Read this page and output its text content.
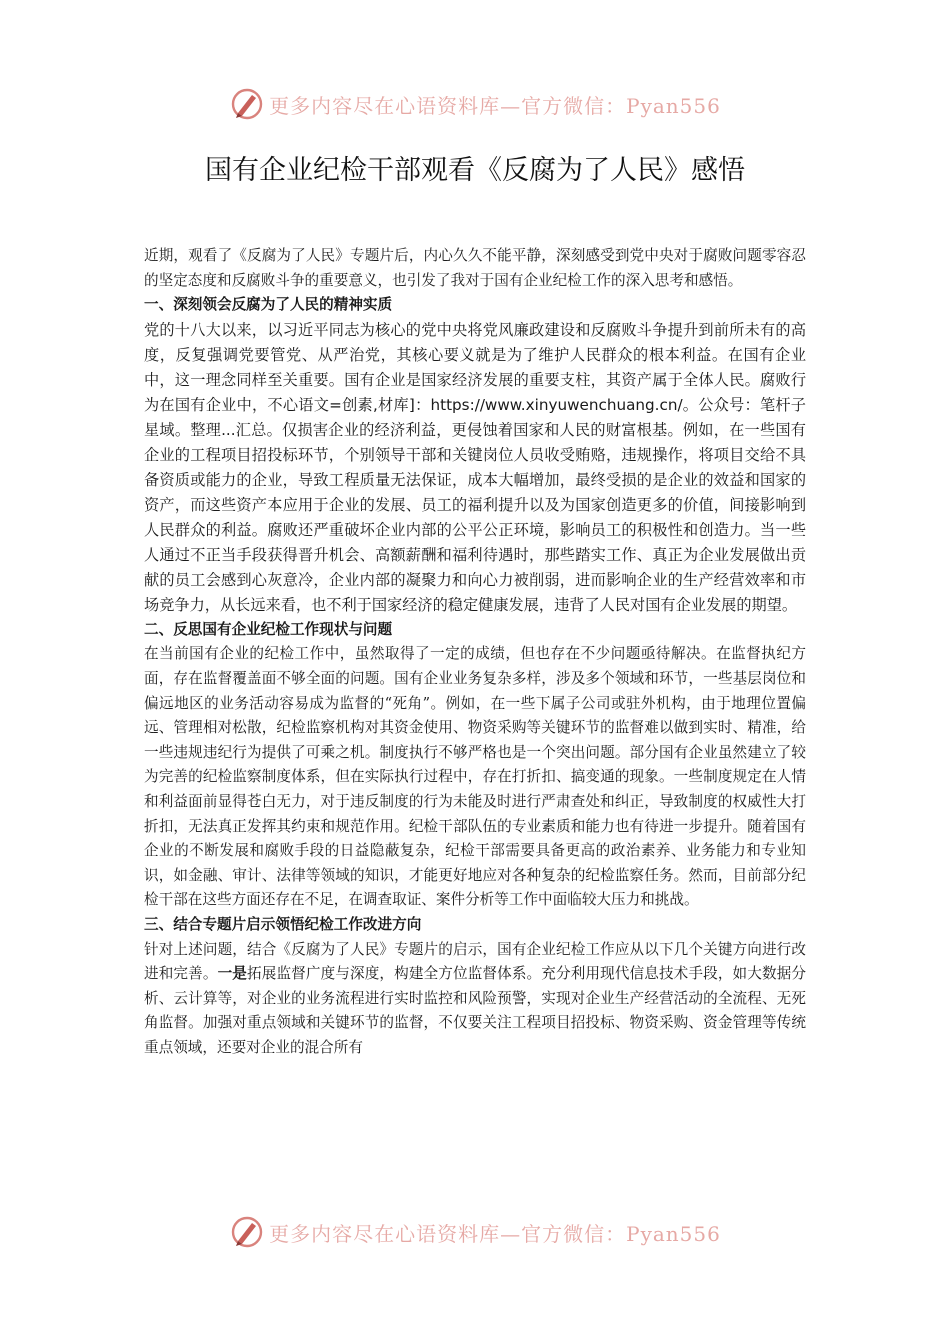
更多内容尽在心语资料库—官方微信：Pyan556
国有企业纪检干部观看《反腐为了人民》感悟

近期，观看了《反腐为了人民》专题片后，内心久久不能平静，深刻感受到党中央对于腐败问题零容忍的坚定态度和反腐败斗争的重要意义，也引发了我对于国有企业纪检工作的深入思考和感悟。

一、深刻领会反腐为了人民的精神实质

党的十八大以来，以习近平同志为核心的党中央将党风廉政建设和反腐败斗争提升到前所未有的高度，反复强调党要管党、从严治党，其核心要义就是为了维护人民群众的根本利益。在国有企业中，这一理念同样至关重要。国有企业是国家经济发展的重要支柱，其资产属于全体人民。腐败行为在国有企业中，不心语文=创素,材库]：https://www.xinyuwenchuang.cn/。公众号：笔杆子星域。整理...汇总。仅损害企业的经济利益，更侵蚀着国家和人民的财富根基。例如，在一些国有企业的工程项目招投标环节，个别领导干部和关键岗位人员收受贿赂，违规操作，将项目交给不具备资质或能力的企业，导致工程质量无法保证，成本大幅增加，最终受损的是企业的效益和国家的资产，而这些资产本应用于企业的发展、员工的福利提升以及为国家创造更多的价值，间接影响到人民群众的利益。腐败还严重破坏企业内部的公平公正环境，影响员工的积极性和创造力。当一些人通过不正当手段获得晋升机会、高额薪酬和福利待遇时，那些踏实工作、真正为企业发展做出贡献的员工会感到心灰意冷，企业内部的凝聚力和向心力被削弱，进而影响企业的生产经营效率和市场竞争力，从长远来看，也不利于国家经济的稳定健康发展，违背了人民对国有企业发展的期望。

二、反思国有企业纪检工作现状与问题

在当前国有企业的纪检工作中，虽然取得了一定的成绩，但也存在不少问题亟待解决。在监督执纪方面，存在监督覆盖面不够全面的问题。国有企业业务复杂多样，涉及多个领域和环节，一些基层岗位和偏远地区的业务活动容易成为监督的“死角”。例如，在一些下属子公司或驻外机构，由于地理位置偏远、管理相对松散，纪检监察机构对其资金使用、物资采购等关键环节的监督难以做到实时、精准，给一些违规违纪行为提供了可乘之机。制度执行不够严格也是一个突出问题。部分国有企业虽然建立了较为完善的纪检监察制度体系，但在实际执行过程中，存在打折扣、搞变通的现象。一些制度规定在人情和利益面前显得苍白无力，对于违反制度的行为未能及时进行严肃查处和纠正，导致制度的权威性大打折扣，无法真正发挥其约束和规范作用。纪检干部队伍的专业素质和能力也有待进一步提升。随着国有企业的不断发展和腐败手段的日益隐蔽复杂，纪检干部需要具备更高的政治素养、业务能力和专业知识，如金融、审计、法律等领域的知识，才能更好地应对各种复杂的纪检监察任务。然而，目前部分纪检干部在这些方面还存在不足，在调查取证、案件分析等工作中面临较大压力和挑战。

三、结合专题片启示领悟纪检工作改进方向

针对上述问题，结合《反腐为了人民》专题片的启示，国有企业纪检工作应从以下几个关键方向进行改进和完善。一是拓展监督广度与深度，构建全方位监督体系。充分利用现代信息技术手段，如大数据分析、云计算等，对企业的业务流程进行实时监控和风险预警，实现对企业生产经营活动的全流程、无死角监督。加强对重点领域和关键环节的监督，不仅要关注工程项目招投标、物资采购、资金管理等传统重点领域，还要对企业的混合所有

更多内容尽在心语资料库—官方微信：Pyan556
